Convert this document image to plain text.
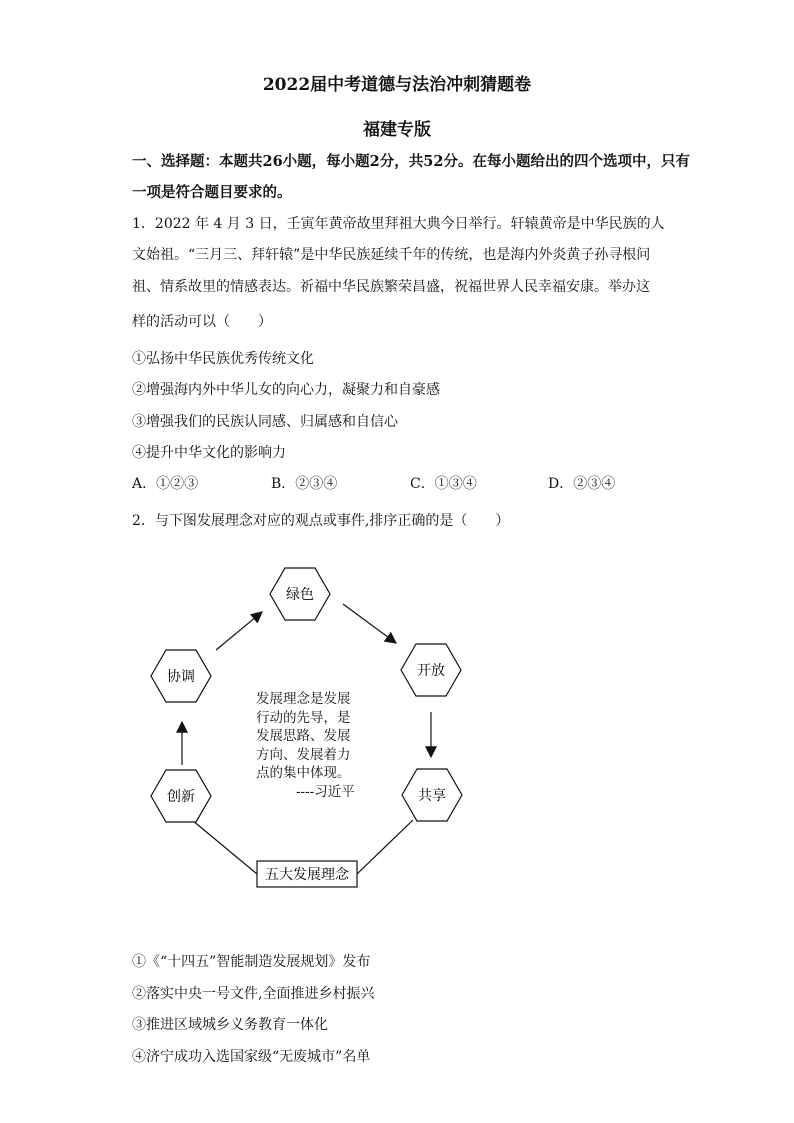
2022届中考道德与法治冲刺猜题卷
福建专版
一、选择题：本题共26小题，每小题2分，共52分。在每小题给出的四个选项中，只有
一项是符合题目要求的。
1．2022 年 4 月 3 日，壬寅年黄帝故里拜祖大典今日举行。轩辕黄帝是中华民族的人
文始祖。“三月三、拜轩辕”是中华民族延续千年的传统，也是海内外炎黄子孙寻根问
祖、情系故里的情感表达。祈福中华民族繁荣昌盛，祝福世界人民幸福安康。举办这
样的活动可以（　　）
①弘扬中华民族优秀传统文化
②增强海内外中华儿女的向心力，凝聚力和自豪感
③增强我们的民族认同感、归属感和自信心
④提升中华文化的影响力
A．①②③	B．②③④	C．①③④	D．②③④
2．与下图发展理念对应的观点或事件,排序正确的是（　　）
绿色
开放
共享
创新
协调
五大发展理念
发展理念是发展
行动的先导，是
发展思路、发展
方向、发展着力
点的集中体现。
----习近平
①《“十四五”智能制造发展规划》发布
②落实中央一号文件,全面推进乡村振兴
③推进区域城乡义务教育一体化
④济宁成功入选国家级“无废城市”名单
